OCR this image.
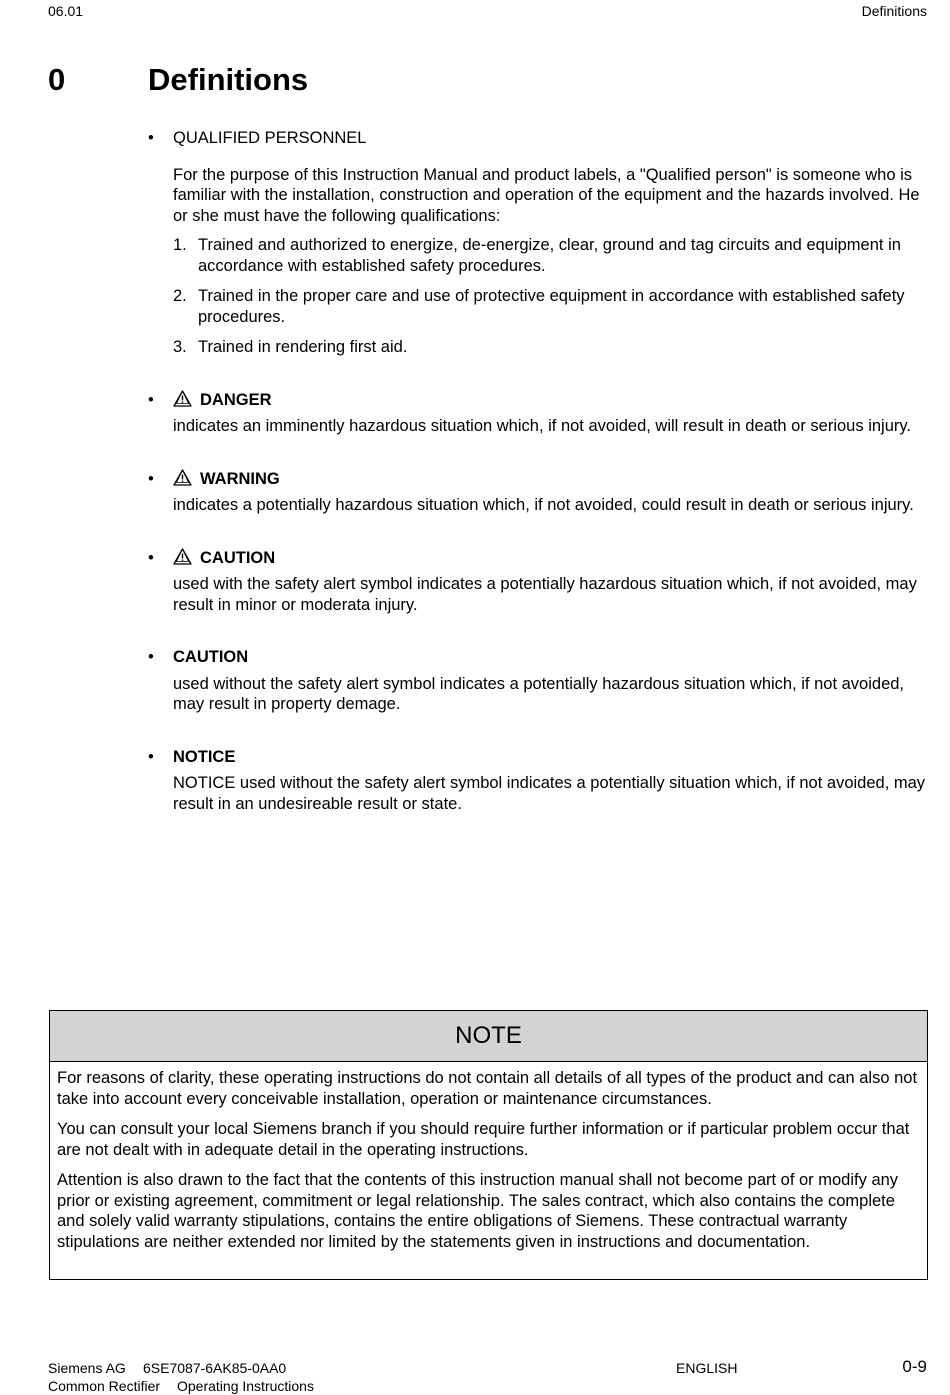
06.01	Definitions
0	Definitions
•	QUALIFIED PERSONNEL

For the purpose of this Instruction Manual and product labels, a "Qualified person" is someone who is familiar with the installation, construction and operation of the equipment and the hazards involved. He or she must have the following qualifications:

1. Trained and authorized to energize, de-energize, clear, ground and tag circuits and equipment in accordance with established safety procedures.
2. Trained in the proper care and use of protective equipment in accordance with established safety procedures.
3. Trained in rendering first aid.
•	DANGER

indicates an imminently hazardous situation which, if not avoided, will result in death or serious injury.

•	WARNING

indicates a potentially hazardous situation which, if not avoided, could result in death or serious injury.

•	CAUTION

used with the safety alert symbol indicates a potentially hazardous situation which, if not avoided, may result in minor or moderata injury.

•	CAUTION

used without the safety alert symbol indicates a potentially hazardous situation which, if not avoided, may result in property demage.

•	NOTICE

NOTICE used without the safety alert symbol indicates a potentially situation which, if not avoided, may result in an undesireable result or state.

NOTE

For reasons of clarity, these operating instructions do not contain all details of all types of the product and can also not take into account every conceivable installation, operation or maintenance circumstances.

You can consult your local Siemens branch if you should require further information or if particular problem occur that are not dealt with in adequate detail in the operating instructions.

Attention is also drawn to the fact that the contents of this instruction manual shall not become part of or modify any prior or existing agreement, commitment or legal relationship. The sales contract, which also contains the complete and solely valid warranty stipulations, contains the entire obligations of Siemens. These contractual warranty stipulations are neither extended nor limited by the statements given in instructions and documentation.

Siemens AG 6SE7087-6AK85-0AA0
Common Rectifier Operating Instructions
ENGLISH	0-9
